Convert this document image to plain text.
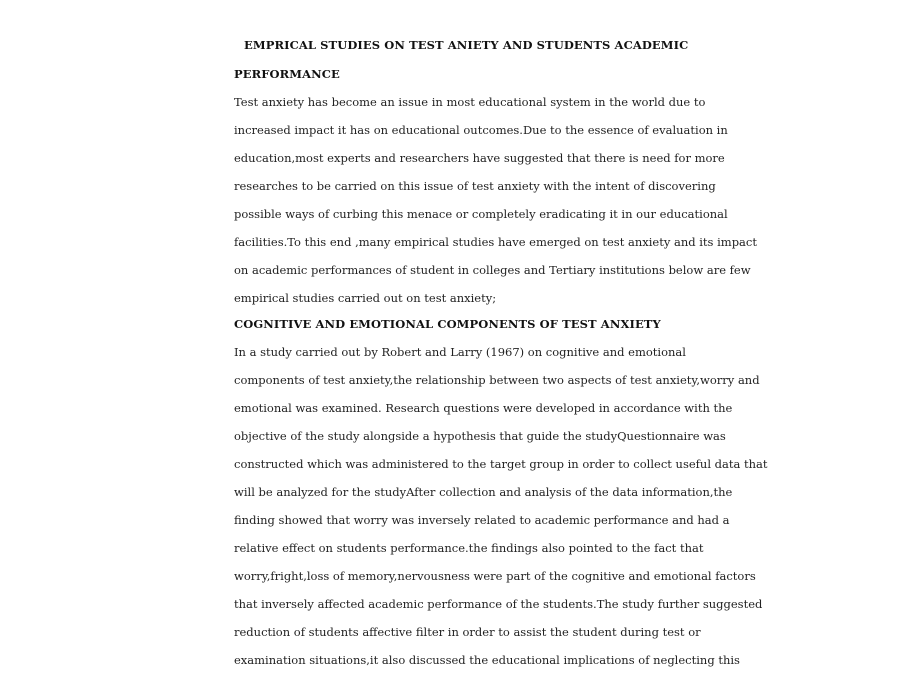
EMPRICAL STUDIES ON TEST ANIETY AND STUDENTS ACADEMIC
PERFORMANCE
Test anxiety has become an issue in most educational system in the world due to
increased impact it has on educational outcomes.Due to the essence of evaluation in
education,most experts and researchers have suggested that there is need for more
researches to be carried on this issue of test anxiety with the intent of discovering
possible ways of curbing this menace or completely eradicating it in our educational
facilities.To this end ,many empirical studies have emerged on test anxiety and its impact
on academic performances of student in colleges and Tertiary institutions below are few
empirical studies carried out on test anxiety;
COGNITIVE AND EMOTIONAL COMPONENTS OF TEST ANXIETY
In a study carried out by Robert and Larry (1967) on cognitive and emotional
components of test anxiety,the relationship between two aspects of test anxiety,worry and
emotional was examined. Research questions were developed in accordance with the
objective of the study alongside a hypothesis that guide the studyQuestionnaire was
constructed which was administered to the target group in order to collect useful data that
will be analyzed for the studyAfter collection and analysis of the data information,the
finding showed that worry was inversely related to academic performance and had a
relative effect on students performance.the findings also pointed to the fact that
worry,fright,loss of memory,nervousness were part of the cognitive and emotional factors
that inversely affected academic performance of the students.The study further suggested
reduction of students affective filter in order to assist the student during test or
examination situations,it also discussed the educational implications of neglecting this
